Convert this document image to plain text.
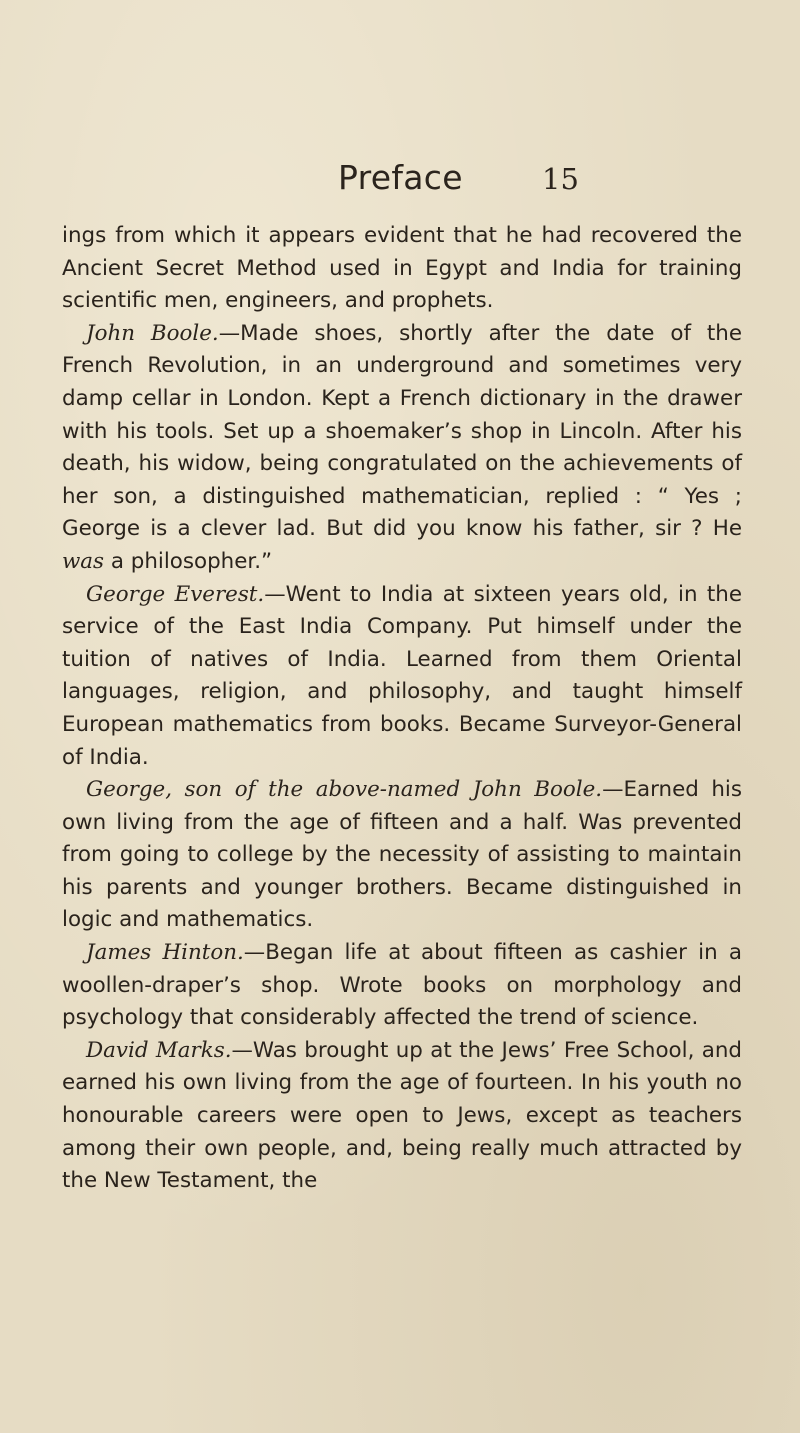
Preface	15

ings from which it appears evident that he had recovered the Ancient Secret Method used in Egypt and India for training scientific men, engineers, and prophets.

John Boole.—Made shoes, shortly after the date of the French Revolution, in an underground and sometimes very damp cellar in London. Kept a French dictionary in the drawer with his tools. Set up a shoemaker’s shop in Lincoln. After his death, his widow, being congratulated on the achievements of her son, a distinguished mathematician, replied : “ Yes ; George is a clever lad. But did you know his father, sir ? He was a philosopher.”

George Everest.—Went to India at sixteen years old, in the service of the East India Company. Put himself under the tuition of natives of India. Learned from them Oriental languages, religion, and philosophy, and taught himself European mathematics from books. Became Surveyor-General of India.

George, son of the above-named John Boole.—Earned his own living from the age of fifteen and a half. Was prevented from going to college by the necessity of assisting to maintain his parents and younger brothers. Became distinguished in logic and mathematics.

James Hinton.—Began life at about fifteen as cashier in a woollen-draper’s shop. Wrote books on morphology and psychology that considerably affected the trend of science.

David Marks.—Was brought up at the Jews’ Free School, and earned his own living from the age of fourteen. In his youth no honourable careers were open to Jews, except as teachers among their own people, and, being really much attracted by the New Testament, the
